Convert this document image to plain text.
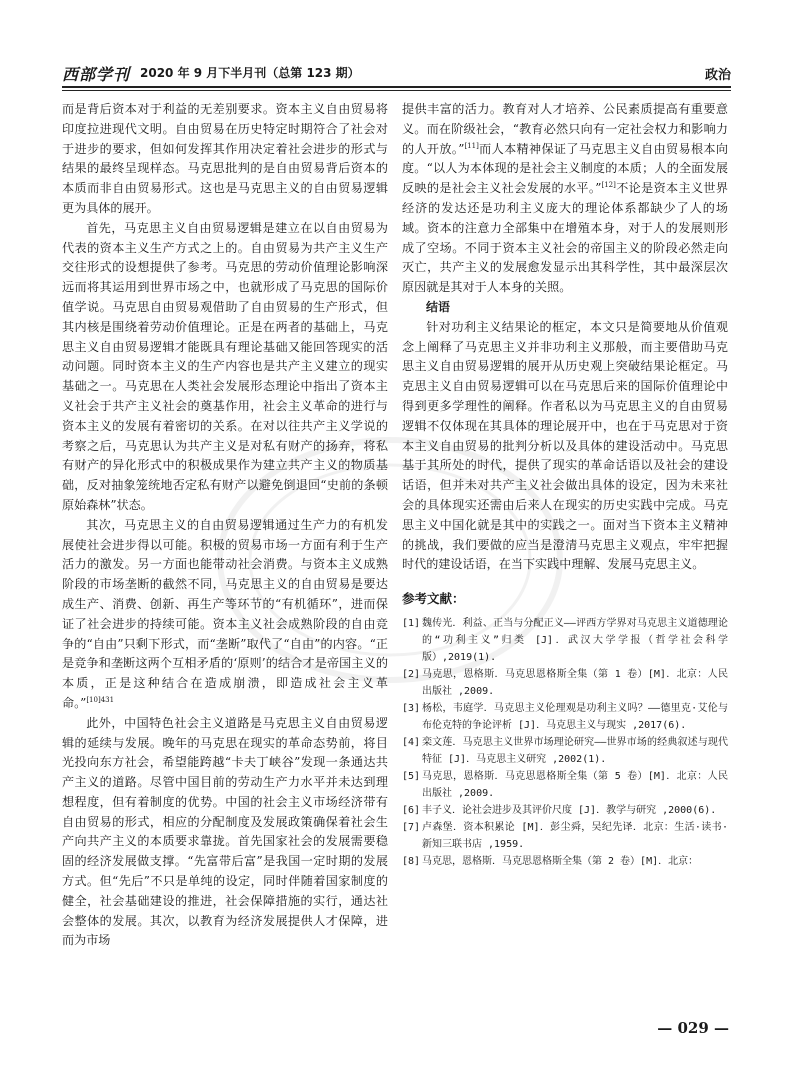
西部学刊 2020 年 9 月下半月刊（总第 123 期）	政治

而是背后资本对于利益的无差别要求。资本主义自由贸易将印度拉进现代文明。自由贸易在历史特定时期符合了社会对于进步的要求，但如何发挥其作用决定着社会进步的形式与结果的最终呈现样态。马克思批判的是自由贸易背后资本的本质而非自由贸易形式。这也是马克思主义的自由贸易逻辑更为具体的展开。

首先，马克思主义自由贸易逻辑是建立在以自由贸易为代表的资本主义生产方式之上的。自由贸易为共产主义生产交往形式的设想提供了参考。马克思的劳动价值理论影响深远而将其运用到世界市场之中，也就形成了马克思的国际价值学说。马克思自由贸易观借助了自由贸易的生产形式，但其内核是围绕着劳动价值理论。正是在两者的基础上，马克思主义自由贸易逻辑才能既具有理论基础又能回答现实的活动问题。同时资本主义的生产内容也是共产主义建立的现实基础之一。马克思在人类社会发展形态理论中指出了资本主义社会于共产主义社会的奠基作用，社会主义革命的进行与资本主义的发展有着密切的关系。在对以往共产主义学说的考察之后，马克思认为共产主义是对私有财产的扬弃，将私有财产的异化形式中的积极成果作为建立共产主义的物质基础，反对抽象笼统地否定私有财产以避免倒退回“史前的条顿原始森林”状态。

其次，马克思主义的自由贸易逻辑通过生产力的有机发展使社会进步得以可能。积极的贸易市场一方面有利于生产活力的激发。另一方面也能带动社会消费。与资本主义成熟阶段的市场垄断的截然不同，马克思主义的自由贸易是要达成生产、消费、创新、再生产等环节的“有机循环”，进而保证了社会进步的持续可能。资本主义社会成熟阶段的自由竞争的“自由”只剩下形式，而“垄断”取代了“自由”的内容。“正是竞争和垄断这两个互相矛盾的‘原则’的结合才是帝国主义的本质，正是这种结合在造成崩溃，即造成社会主义革命。”$^{[10]431}$

此外，中国特色社会主义道路是马克思主义自由贸易逻辑的延续与发展。晚年的马克思在现实的革命态势前，将目光投向东方社会，希望能跨越“卡夫丁峡谷”发现一条通达共产主义的道路。尽管中国目前的劳动生产力水平并未达到理想程度，但有着制度的优势。中国的社会主义市场经济带有自由贸易的形式，相应的分配制度及发展政策确保着社会生产向共产主义的本质要求靠拢。首先国家社会的发展需要稳固的经济发展做支撑。“先富带后富”是我国一定时期的发展方式。但“先后”不只是单纯的设定，同时伴随着国家制度的健全，社会基础建设的推进，社会保障措施的实行，通达社会整体的发展。其次，以教育为经济发展提供人才保障，进而为市场

提供丰富的活力。教育对人才培养、公民素质提高有重要意义。而在阶级社会，“教育必然只向有一定社会权力和影响力的人开放。”[11]而人本精神保证了马克思主义自由贸易根本向度。“以人为本体现的是社会主义制度的本质；人的全面发展反映的是社会主义社会发展的水平。”[12]不论是资本主义世界经济的发达还是功利主义庞大的理论体系都缺少了人的场域。资本的注意力全部集中在增殖本身，对于人的发展则形成了空场。不同于资本主义社会的帝国主义的阶段必然走向灭亡，共产主义的发展愈发显示出其科学性，其中最深层次原因就是其对于人本身的关照。

结语

针对功利主义结果论的框定，本文只是简要地从价值观念上阐释了马克思主义并非功利主义那般，而主要借助马克思主义自由贸易逻辑的展开从历史观上突破结果论框定。马克思主义自由贸易逻辑可以在马克思后来的国际价值理论中得到更多学理性的阐释。作者私以为马克思主义的自由贸易逻辑不仅体现在其具体的理论展开中，也在于马克思对于资本主义自由贸易的批判分析以及具体的建设活动中。马克思基于其所处的时代，提供了现实的革命话语以及社会的建设话语，但并未对共产主义社会做出具体的设定，因为未来社会的具体现实还需由后来人在现实的历史实践中完成。马克思主义中国化就是其中的实践之一。面对当下资本主义精神的挑战，我们要做的应当是澄清马克思主义观点，牢牢把握时代的建设话语，在当下实践中理解、发展马克思主义。

参考文献：
[1] 魏传光．利益、正当与分配正义——评西方学界对马克思主义道德理论的“功利主义”归类 [J]．武汉大学学报（哲学社会科学版）,2019(1).
[2] 马克思，恩格斯．马克思恩格斯全集（第 1 卷）[M]．北京：人民出版社 ,2009.
[3] 杨松，韦庭学．马克思主义伦理观是功利主义吗？——德里克·艾伦与布伦克特的争论评析 [J]．马克思主义与现实 ,2017(6).
[4] 栾文莲．马克思主义世界市场理论研究——世界市场的经典叙述与现代特征 [J]．马克思主义研究 ,2002(1).
[5] 马克思，恩格斯．马克思恩格斯全集（第 5 卷）[M]．北京：人民出版社 ,2009.
[6] 丰子义．论社会进步及其评价尺度 [J]．教学与研究 ,2000(6).
[7] 卢森堡．资本积累论 [M]．彭尘舜，吴纪先译．北京：生活·读书·新知三联书店 ,1959.
[8] 马克思，恩格斯．马克思恩格斯全集（第 2 卷）[M]．北京：
— 029 —
